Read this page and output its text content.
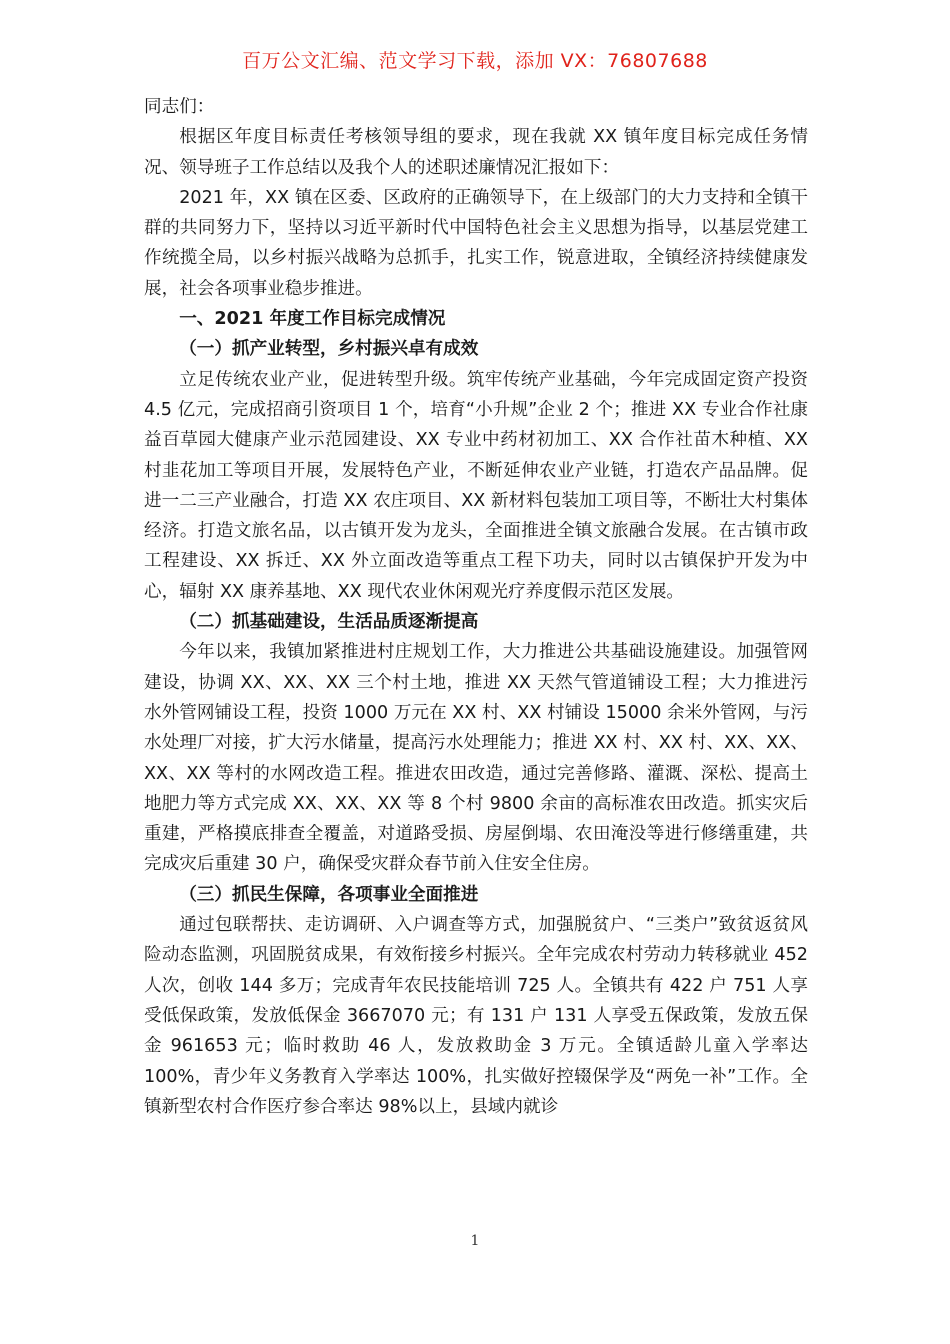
百万公文汇编、范文学习下载，添加 VX：76807688

同志们：

根据区年度目标责任考核领导组的要求，现在我就 XX 镇年度目标完成任务情况、领导班子工作总结以及我个人的述职述廉情况汇报如下：

2021 年，XX 镇在区委、区政府的正确领导下，在上级部门的大力支持和全镇干群的共同努力下，坚持以习近平新时代中国特色社会主义思想为指导，以基层党建工作统揽全局，以乡村振兴战略为总抓手，扎实工作，锐意进取，全镇经济持续健康发展，社会各项事业稳步推进。

一、2021 年度工作目标完成情况

（一）抓产业转型，乡村振兴卓有成效

立足传统农业产业，促进转型升级。筑牢传统产业基础，今年完成固定资产投资 4.5 亿元，完成招商引资项目 1 个，培育“小升规”企业 2 个；推进 XX 专业合作社康益百草园大健康产业示范园建设、XX 专业中药材初加工、XX 合作社苗木种植、XX 村韭花加工等项目开展，发展特色产业，不断延伸农业产业链，打造农产品品牌。促进一二三产业融合，打造 XX 农庄项目、XX 新材料包装加工项目等，不断壮大村集体经济。打造文旅名品，以古镇开发为龙头，全面推进全镇文旅融合发展。在古镇市政工程建设、XX 拆迁、XX 外立面改造等重点工程下功夫，同时以古镇保护开发为中心，辐射 XX 康养基地、XX 现代农业休闲观光疗养度假示范区发展。

（二）抓基础建设，生活品质逐渐提高

今年以来，我镇加紧推进村庄规划工作，大力推进公共基础设施建设。加强管网建设，协调 XX、XX、XX 三个村土地，推进 XX 天然气管道铺设工程；大力推进污水外管网铺设工程，投资 1000 万元在 XX 村、XX 村铺设 15000 余米外管网，与污水处理厂对接，扩大污水储量，提高污水处理能力；推进 XX 村、XX 村、XX、XX、XX、XX 等村的水网改造工程。推进农田改造，通过完善修路、灌溉、深松、提高土地肥力等方式完成 XX、XX、XX 等 8 个村 9800 余亩的高标准农田改造。抓实灾后重建，严格摸底排查全覆盖，对道路受损、房屋倒塌、农田淹没等进行修缮重建，共完成灾后重建 30 户，确保受灾群众春节前入住安全住房。

（三）抓民生保障，各项事业全面推进

通过包联帮扶、走访调研、入户调查等方式，加强脱贫户、“三类户”致贫返贫风险动态监测，巩固脱贫成果，有效衔接乡村振兴。全年完成农村劳动力转移就业 452 人次，创收 144 多万；完成青年农民技能培训 725 人。全镇共有 422 户 751 人享受低保政策，发放低保金 3667070 元；有 131 户 131 人享受五保政策，发放五保金 961653 元；临时救助 46 人，发放救助金 3 万元。全镇适龄儿童入学率达 100%，青少年义务教育入学率达 100%，扎实做好控辍保学及“两免一补”工作。全镇新型农村合作医疗参合率达 98%以上，县域内就诊

1
